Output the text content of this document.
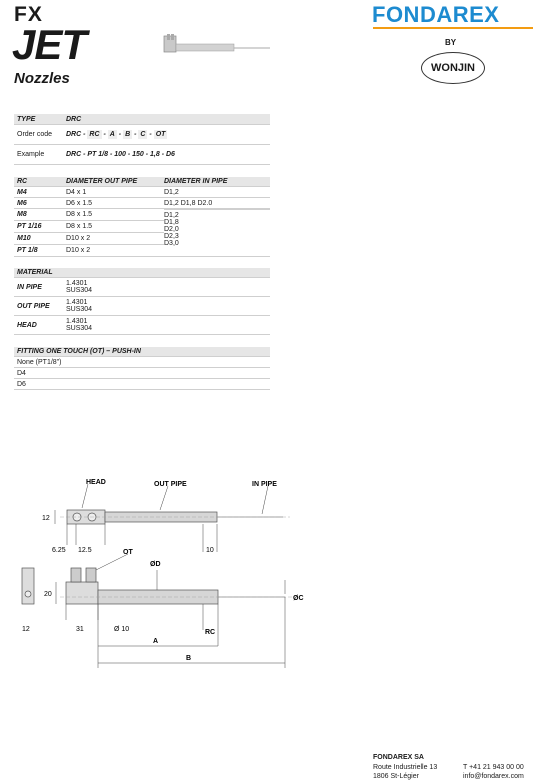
FX
JET
Nozzles
FONDAREX
BY
WONJIN
TYPE	DRC
Order code	DRC - RC - A - B - C - OT
Example	DRC - PT 1/8 - 100 - 150 - 1,8 - D6
RC	DIAMETER OUT PIPE	DIAMETER IN PIPE
M4	D4 x 1	D1,2
M6	D6 x 1.5	D1,2 D1,8 D2.0
M8	D8 x 1.5
PT 1/16	D8 x 1.5
M10	D10 x 2
PT 1/8	D10 x 2
D1,2
D1,8
D2,0
D2,3
D3,0
MATERIAL
IN PIPE	1.4301
SUS304
OUT PIPE	1.4301
SUS304
HEAD	1.4301
SUS304
FITTING ONE TOUCH (OT) – PUSH-IN
None (PT1/8")
D4
D6
HEAD	OUT PIPE	IN PIPE
12
6.25 12.5	OT	10
ØD
20
ØC
12	31	Ø 10	RC
A
B
FONDAREX SA
Route Industrielle 13
1806 St-Légier
T +41 21 943 00 00
info@fondarex.com
